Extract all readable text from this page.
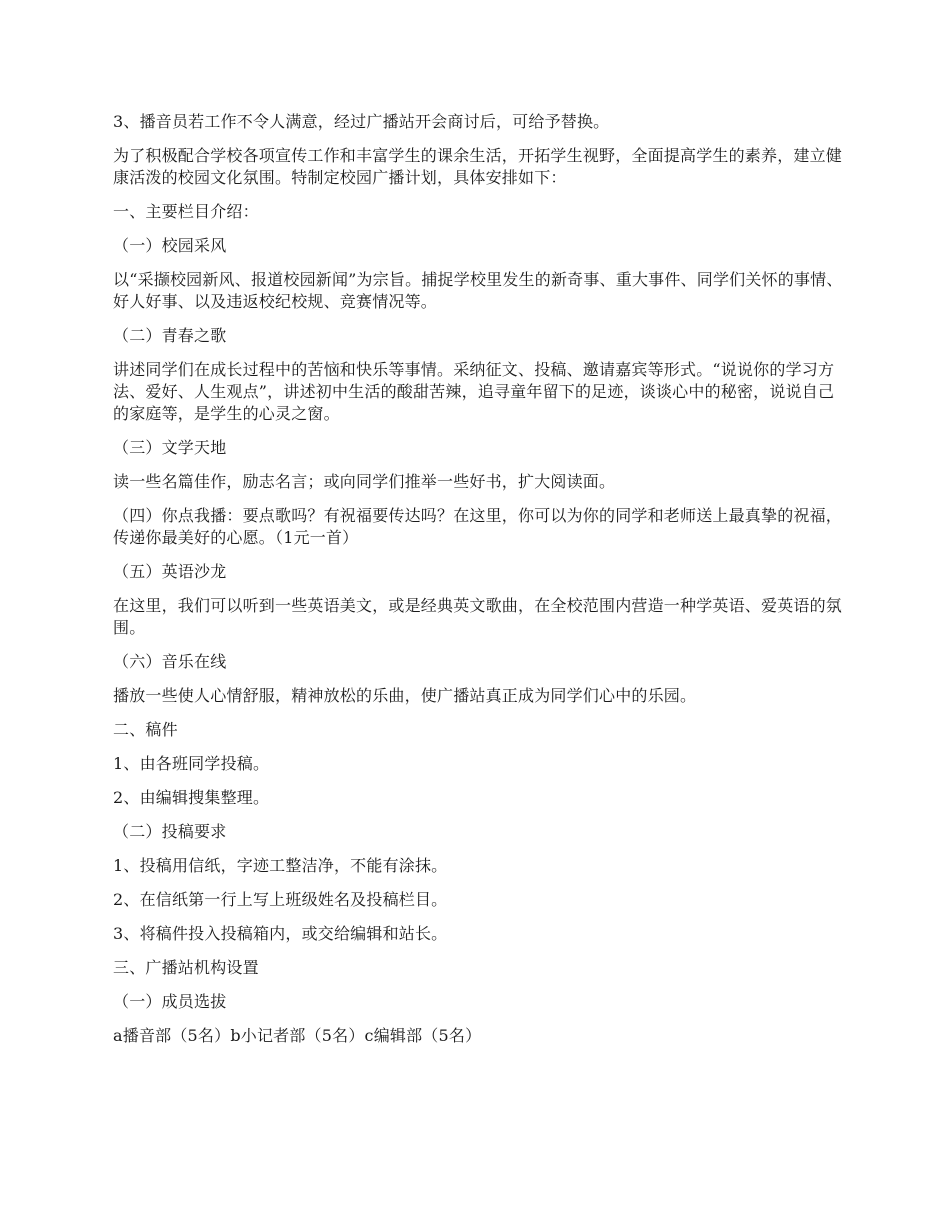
3、播音员若工作不令人满意，经过广播站开会商讨后，可给予替换。

为了积极配合学校各项宣传工作和丰富学生的课余生活，开拓学生视野，全面提高学生的素养，建立健康活泼的校园文化氛围。特制定校园广播计划，具体安排如下：

一、主要栏目介绍：

（一）校园采风

以“采撷校园新风、报道校园新闻”为宗旨。捕捉学校里发生的新奇事、重大事件、同学们关怀的事情、好人好事、以及违返校纪校规、竞赛情况等。

（二）青春之歌

讲述同学们在成长过程中的苦恼和快乐等事情。采纳征文、投稿、邀请嘉宾等形式。“说说你的学习方法、爱好、人生观点”，讲述初中生活的酸甜苦辣，追寻童年留下的足迹，谈谈心中的秘密，说说自己的家庭等，是学生的心灵之窗。

（三）文学天地

读一些名篇佳作，励志名言；或向同学们推举一些好书，扩大阅读面。

（四）你点我播：要点歌吗？有祝福要传达吗？在这里，你可以为你的同学和老师送上最真挚的祝福，传递你最美好的心愿。（1元一首）

（五）英语沙龙

在这里，我们可以听到一些英语美文，或是经典英文歌曲，在全校范围内营造一种学英语、爱英语的氛围。

（六）音乐在线

播放一些使人心情舒服，精神放松的乐曲，使广播站真正成为同学们心中的乐园。

二、稿件

1、由各班同学投稿。

2、由编辑搜集整理。

（二）投稿要求

1、投稿用信纸，字迹工整洁净，不能有涂抹。

2、在信纸第一行上写上班级姓名及投稿栏目。

3、将稿件投入投稿箱内，或交给编辑和站长。

三、广播站机构设置

（一）成员选拔

a播音部（5名）b小记者部（5名）c编辑部（5名）
